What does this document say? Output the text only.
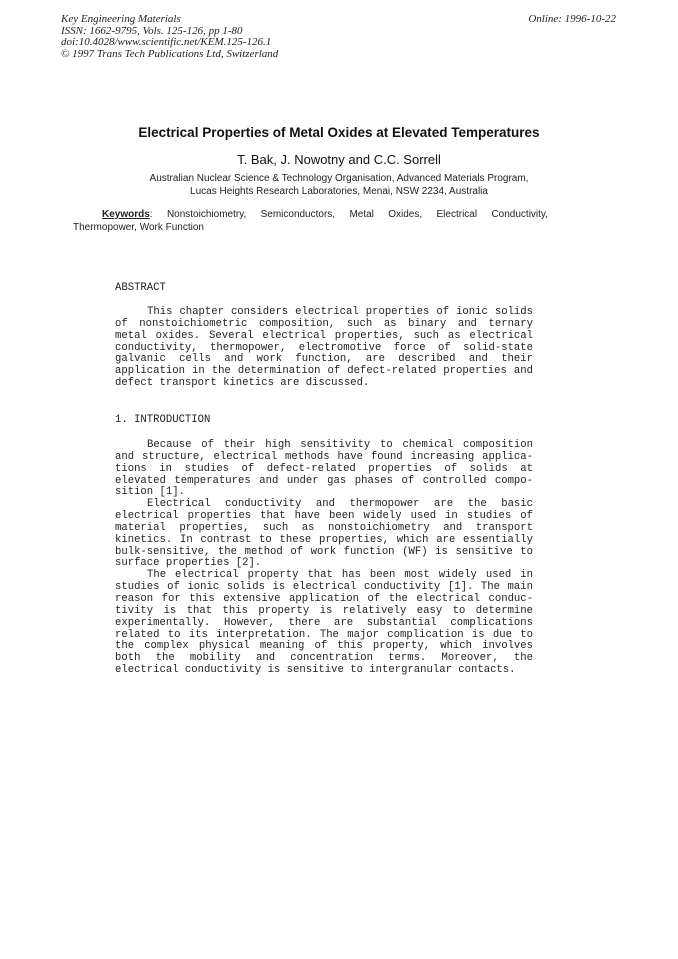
Key Engineering Materials
ISSN: 1662-9795, Vols. 125-126, pp 1-80
doi:10.4028/www.scientific.net/KEM.125-126.1
© 1997 Trans Tech Publications Ltd, Switzerland
Online: 1996-10-22
Electrical Properties of Metal Oxides at Elevated Temperatures
T. Bak, J. Nowotny and C.C. Sorrell
Australian Nuclear Science & Technology Organisation, Advanced Materials Program,
Lucas Heights Research Laboratories, Menai, NSW 2234, Australia
Keywords: Nonstoichiometry, Semiconductors, Metal Oxides, Electrical Conductivity,
Thermopower, Work Function
ABSTRACT
This chapter considers electrical properties of ionic solids
of nonstoichiometric composition, such as binary and ternary
metal oxides. Several electrical properties, such as electrical
conductivity, thermopower, electromotive force of solid-state
galvanic cells and work function, are described and their
application in the determination of defect-related properties and
defect transport kinetics are discussed.
1. INTRODUCTION
Because of their high sensitivity to chemical composition
and structure, electrical methods have found increasing applica-
tions in studies of defect-related properties of solids at
elevated temperatures and under gas phases of controlled compo-
sition [1].
Electrical conductivity and thermopower are the basic
electrical properties that have been widely used in studies of
material properties, such as nonstoichiometry and transport
kinetics. In contrast to these properties, which are essentially
bulk-sensitive, the method of work function (WF) is sensitive to
surface properties [2].
The electrical property that has been most widely used in
studies of ionic solids is electrical conductivity [1]. The main
reason for this extensive application of the electrical conduc-
tivity is that this property is relatively easy to determine
experimentally. However, there are substantial complications
related to its interpretation. The major complication is due to
the complex physical meaning of this property, which involves
both the mobility and concentration terms. Moreover, the
electrical conductivity is sensitive to intergranular contacts.
